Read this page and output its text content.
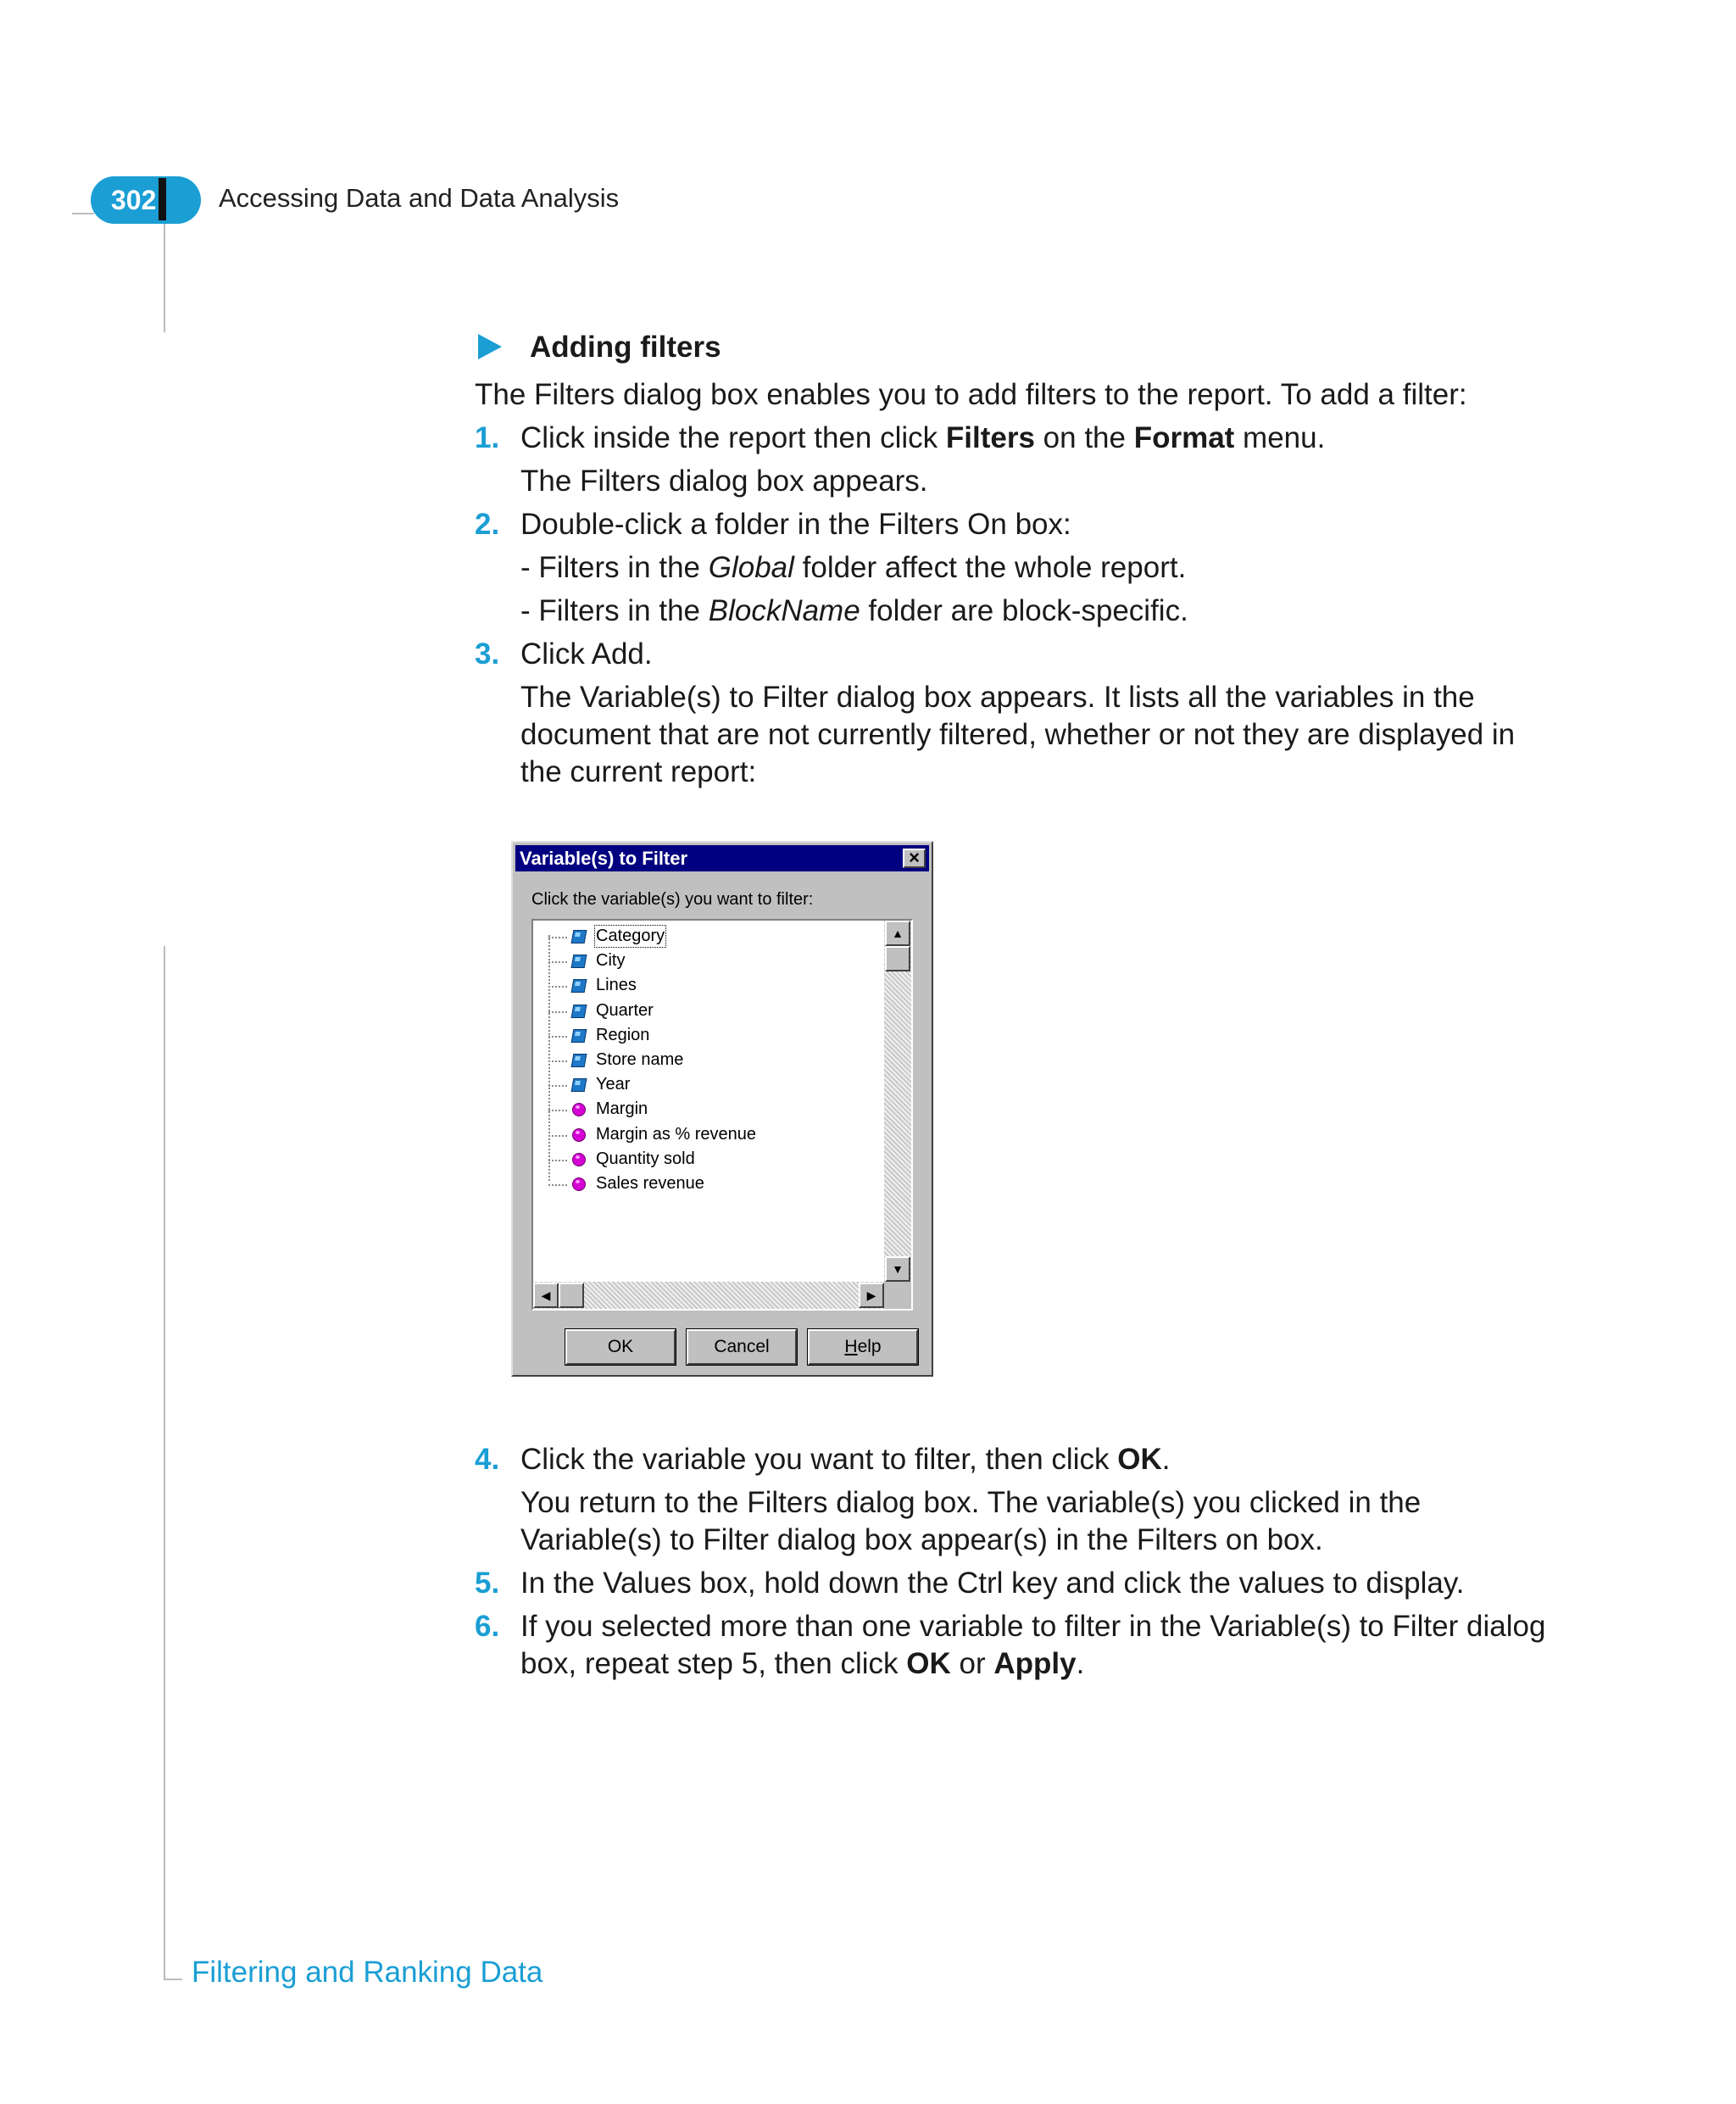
302	Accessing Data and Data Analysis
Filtering and Ranking Data
Adding filters
The Filters dialog box enables you to add filters to the report. To add a filter:
1. Click inside the report then click Filters on the Format menu.
The Filters dialog box appears.
2. Double-click a folder in the Filters On box:
- Filters in the Global folder affect the whole report.
- Filters in the BlockName folder are block-specific.
3. Click Add.
The Variable(s) to Filter dialog box appears. It lists all the variables in the document that are not currently filtered, whether or not they are displayed in the current report:
Variable(s) to Filter	×
Click the variable(s) you want to filter:
Category
City
Lines
Quarter
Region
Store name
Year
Margin
Margin as % revenue
Quantity sold
Sales revenue
▲
▼
◀	▶
OK	Cancel	Help
4. Click the variable you want to filter, then click OK.
You return to the Filters dialog box. The variable(s) you clicked in the Variable(s) to Filter dialog box appear(s) in the Filters on box.
5. In the Values box, hold down the Ctrl key and click the values to display.
6. If you selected more than one variable to filter in the Variable(s) to Filter dialog box, repeat step 5, then click OK or Apply.
